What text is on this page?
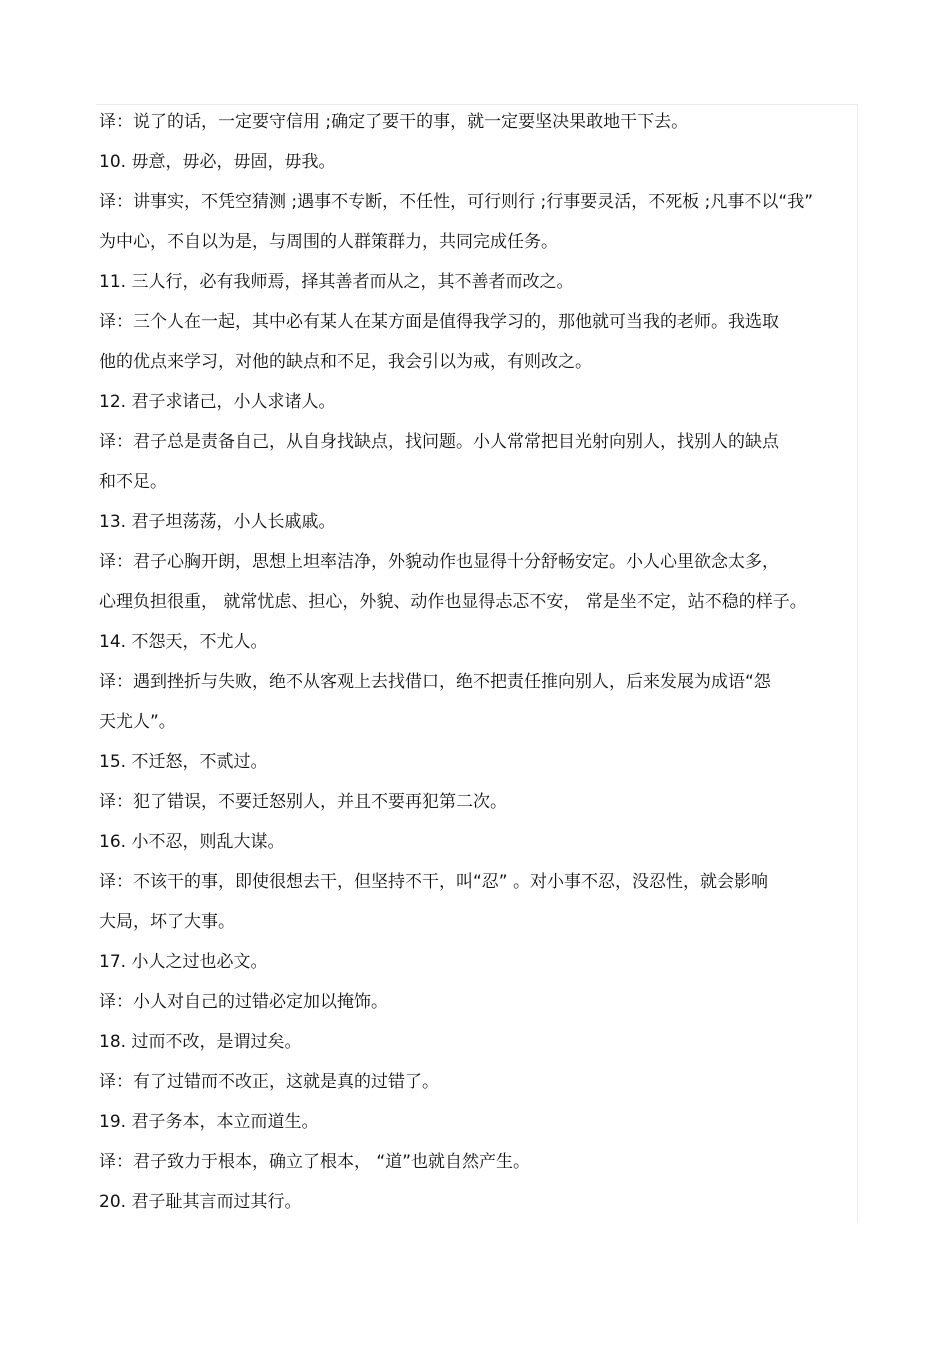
译：说了的话，一定要守信用 ;确定了要干的事，就一定要坚决果敢地干下去。

10. 毋意，毋必，毋固，毋我。

译：讲事实，不凭空猜测 ;遇事不专断，不任性，可行则行 ;行事要灵活，不死板 ;凡事不以“我”

为中心，不自以为是，与周围的人群策群力，共同完成任务。

11. 三人行，必有我师焉，择其善者而从之，其不善者而改之。

译：三个人在一起，其中必有某人在某方面是值得我学习的，那他就可当我的老师。我选取

他的优点来学习，对他的缺点和不足，我会引以为戒，有则改之。

12. 君子求诸己，小人求诸人。

译：君子总是责备自己，从自身找缺点，找问题。小人常常把目光射向别人，找别人的缺点

和不足。

13. 君子坦荡荡，小人长戚戚。

译：君子心胸开朗，思想上坦率洁净，外貌动作也显得十分舒畅安定。小人心里欲念太多，

心理负担很重， 就常忧虑、担心，外貌、动作也显得忐忑不安， 常是坐不定，站不稳的样子。

14. 不怨天，不尤人。

译：遇到挫折与失败，绝不从客观上去找借口，绝不把责任推向别人，后来发展为成语“怨

天尤人”。

15. 不迁怒，不贰过。

译：犯了错误，不要迁怒别人，并且不要再犯第二次。

16. 小不忍，则乱大谋。

译：不该干的事，即使很想去干，但坚持不干，叫“忍” 。对小事不忍，没忍性，就会影响

大局，坏了大事。

17. 小人之过也必文。

译：小人对自己的过错必定加以掩饰。

18. 过而不改，是谓过矣。

译：有了过错而不改正，这就是真的过错了。

19. 君子务本，本立而道生。

译：君子致力于根本，确立了根本， “道”也就自然产生。

20. 君子耻其言而过其行。
